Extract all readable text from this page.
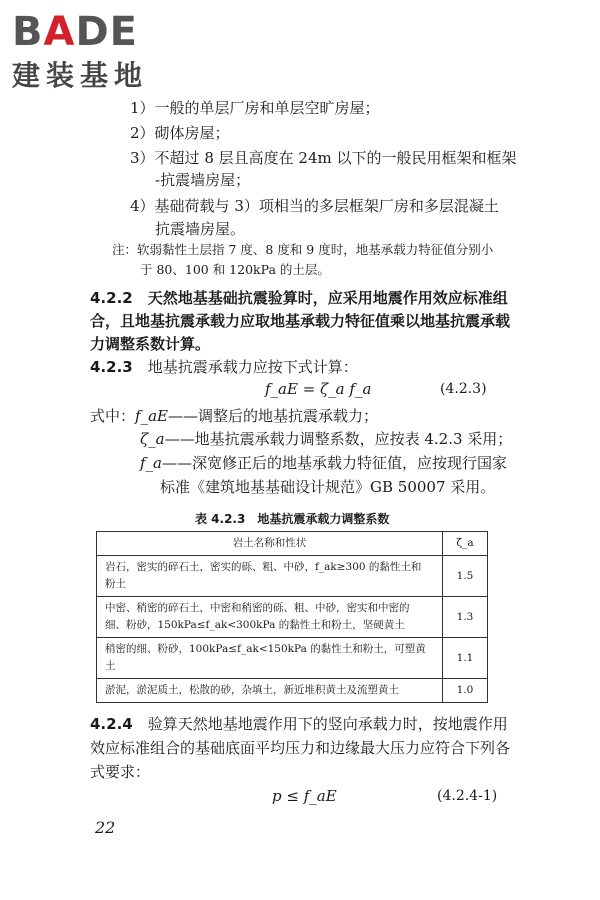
BADE
建装基地
1）一般的单层厂房和单层空旷房屋；
2）砌体房屋；
3）不超过 8 层且高度在 24m 以下的一般民用框架和框架
-抗震墙房屋；
4）基础荷载与 3）项相当的多层框架厂房和多层混凝土
抗震墙房屋。
注：软弱黏性土层指 7 度、8 度和 9 度时，地基承载力特征值分别小
于 80、100 和 120kPa 的土层。
4.2.2　 天然地基基础抗震验算时，应采用地震作用效应标准组
合，且地基抗震承载力应取地基承载力特征值乘以地基抗震承载
力调整系数计算。
4.2.3　 地基抗震承载力应按下式计算：
f_aE = ζ_a f_a	(4.2.3)
式中：f_aE——调整后的地基抗震承载力；
ζ_a——地基抗震承载力调整系数，应按表 4.2.3 采用；
f_a——深宽修正后的地基承载力特征值，应按现行国家
标准《建筑地基基础设计规范》GB 50007 采用。
表 4.2.3　地基抗震承载力调整系数
岩土名称和性状	ζ_a

岩石，密实的碎石土，密实的砾、粗、中砂，f_ak≥300 的黏性土和
粉土	1.5

中密、稍密的碎石土，中密和稍密的砾、粗、中砂，密实和中密的
细、粉砂，150kPa≤f_ak<300kPa 的黏性土和粉土，坚硬黄土	1.3
稍密的细、粉砂，100kPa≤f_ak<150kPa 的黏性土和粉土，可塑黄土	1.1
淤泥，淤泥质土，松散的砂，杂填土，新近堆积黄土及流塑黄土	1.0
4.2.4　 验算天然地基地震作用下的竖向承载力时，按地震作用
效应标准组合的基础底面平均压力和边缘最大压力应符合下列各
式要求：
p ≤ f_aE	(4.2.4-1)
22
